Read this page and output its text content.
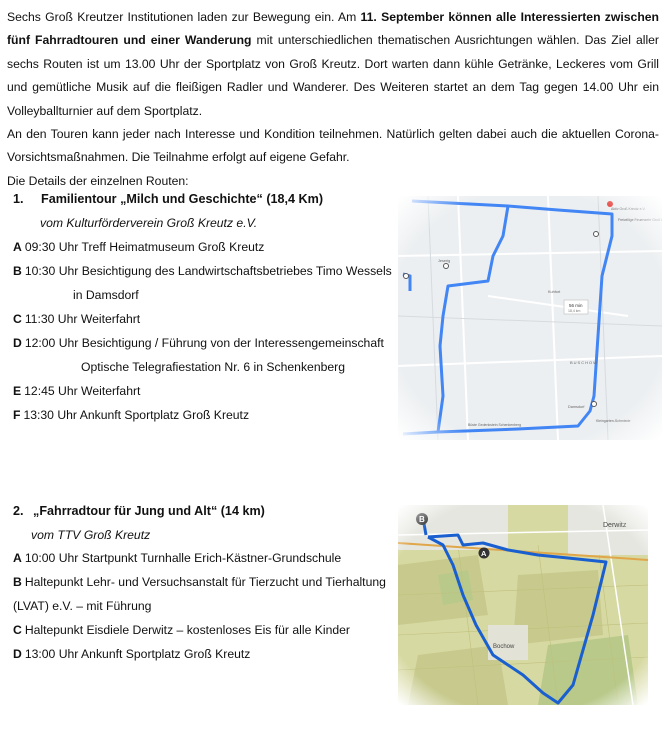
Sechs Groß Kreutzer Institutionen laden zur Bewegung ein. Am 11. September können alle Interessierten zwischen fünf Fahrradtouren und einer Wanderung mit unterschiedlichen thematischen Ausrichtungen wählen. Das Ziel aller sechs Routen ist um 13.00 Uhr der Sportplatz von Groß Kreutz. Dort warten dann kühle Getränke, Leckeres vom Grill und gemütliche Musik auf die fleißigen Radler und Wanderer. Des Weiteren startet an dem Tag gegen 14.00 Uhr ein Volleyballturnier auf dem Sportplatz.

An den Touren kann jeder nach Interesse und Kondition teilnehmen. Natürlich gelten dabei auch die aktuellen Corona-Vorsichtsmaßnahmen. Die Teilnahme erfolgt auf eigene Gefahr.

Die Details der einzelnen Routen:

1. Familientour „Milch und Geschichte“ (18,4 Km)
vom Kulturförderverein Groß Kreutz e.V.
A 09:30 Uhr Treff Heimatmuseum Groß Kreutz
B 10:30 Uhr Besichtigung des Landwirtschaftsbetriebes Timo Wessels
in Damsdorf
C 11:30 Uhr Weiterfahrt
D 12:00 Uhr Besichtigung / Führung von der Interessengemeinschaft
Optische Telegrafiestation Nr. 6 in Schenkenberg
E 12:45 Uhr Weiterfahrt
F 13:30 Uhr Ankunft Sportplatz Groß Kreutz
2. „Fahrradtour für Jung und Alt“ (14 km)
vom TTV Groß Kreutz
A 10:00 Uhr Startpunkt Turnhalle Erich-Kästner-Grundschule
B Haltepunkt Lehr- und Versuchsanstalt für Tierzucht und Tierhaltung
(LVAT) e.V. – mit Führung
C Haltepunkt Eisdiele Derwitz – kostenloses Eis für alle Kinder
D 13:00 Uhr Ankunft Sportplatz Groß Kreutz
